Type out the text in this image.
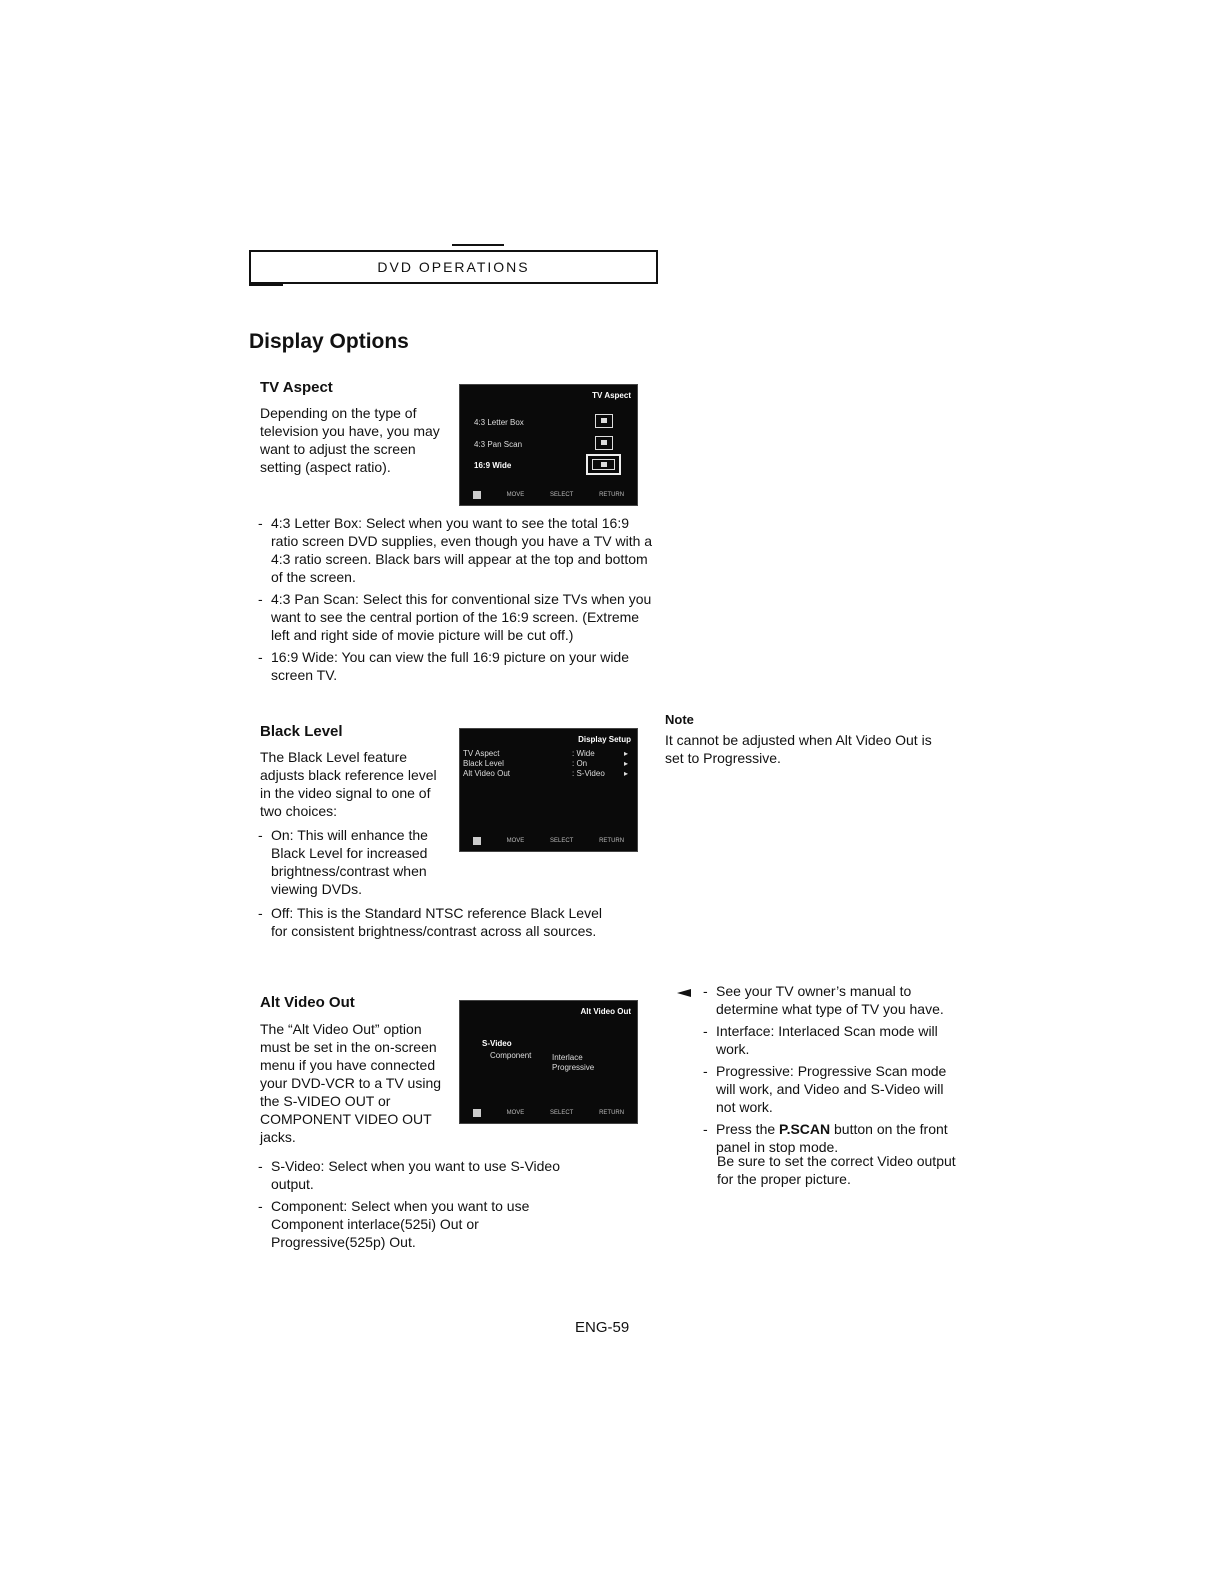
DVD OPERATIONS
Display Options
TV Aspect
Depending on the type of television you have, you may want to adjust the screen setting (aspect ratio).
TV Aspect
4:3 Letter Box
4:3 Pan Scan
16:9 Wide
MOVE	SELECT	RETURN
- 4:3 Letter Box: Select when you want to see the total 16:9 ratio screen DVD supplies, even though you have a TV with a 4:3 ratio screen. Black bars will appear at the top and bottom of the screen.
- 4:3 Pan Scan: Select this for conventional size TVs when you want to see the central portion of the 16:9 screen. (Extreme left and right side of movie picture will be cut off.)
- 16:9 Wide: You can view the full 16:9 picture on your wide screen TV.
Black Level
The Black Level feature adjusts black reference level in the video signal to one of two choices:
- On: This will enhance the Black Level for increased brightness/contrast when viewing DVDs.
- Off: This is the Standard NTSC reference Black Level for consistent brightness/contrast across all sources.
Display Setup
TV Aspect	: Wide
Black Level	: On
Alt Video Out	: S-Video
▸
▸
▸
MOVE	SELECT	RETURN
Note
It cannot be adjusted when Alt Video Out is set to Progressive.
Alt Video Out
The “Alt Video Out” option must be set in the on-screen menu if you have connected your DVD-VCR to a TV using the S-VIDEO OUT or COMPONENT VIDEO OUT jacks.
- S-Video: Select when you want to use S-Video output.
- Component: Select when you want to use Component interlace(525i) Out or Progressive(525p) Out.
Alt Video Out
S-Video
Component	Interlace
Progressive
MOVE	SELECT	RETURN
- See your TV owner’s manual to determine what type of TV you have.
- Interface: Interlaced Scan mode will work.
- Progressive: Progressive Scan mode will work, and Video and S-Video will not work.
- Press the P.SCAN button on the front panel in stop mode.
Be sure to set the correct Video output for the proper picture.
ENG-59
